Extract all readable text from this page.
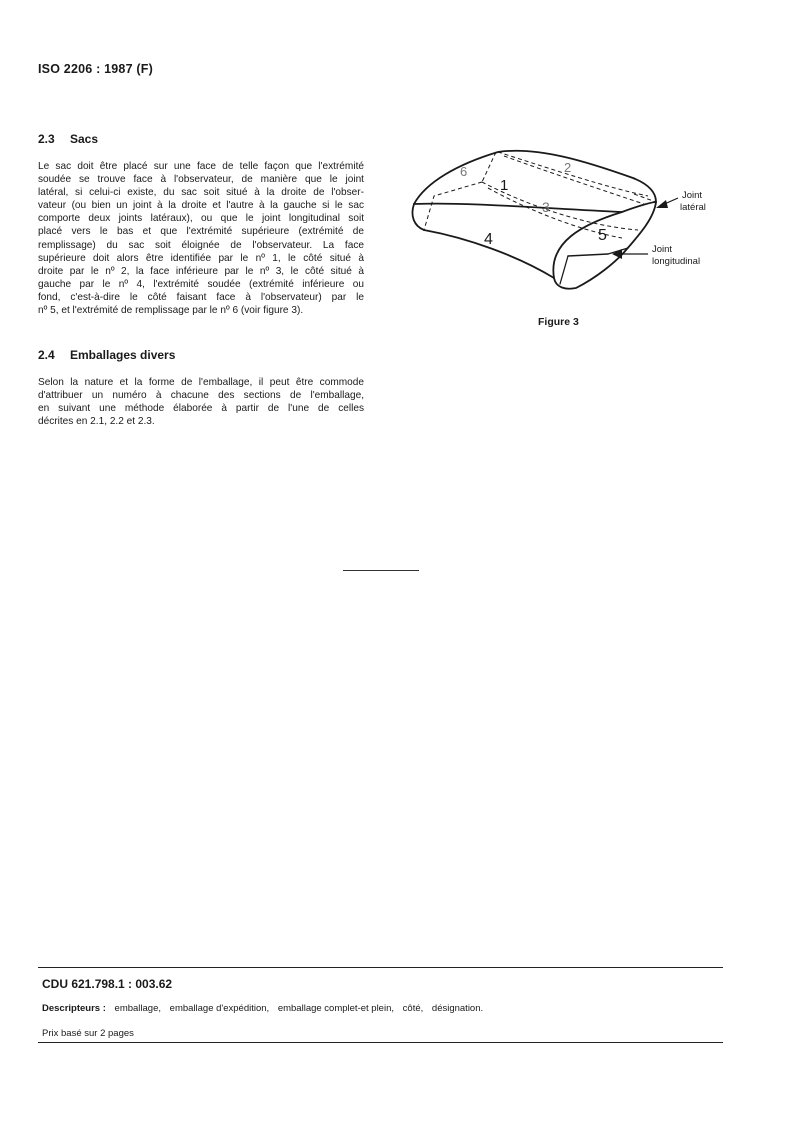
ISO 2206 : 1987 (F)
2.3 Sacs
Le sac doit être placé sur une face de telle façon que l'extrémité
soudée se trouve face à l'observateur, de manière que le joint
latéral, si celui-ci existe, du sac soit situé à la droite de l'obser-
vateur (ou bien un joint à la droite et l'autre à la gauche si le sac
comporte deux joints latéraux), ou que le joint longitudinal soit
placé vers le bas et que l'extrémité supérieure (extrémité de
remplissage) du sac soit éloignée de l'observateur. La face
supérieure doit alors être identifiée par le nº 1, le côté situé à
droite par le nº 2, la face inférieure par le nº 3, le côté situé à
gauche par le nº 4, l'extrémité soudée (extrémité inférieure ou
fond, c'est-à-dire le côté faisant face à l'observateur) par le
nº 5, et l'extrémité de remplissage par le nº 6 (voir figure 3).
2.4 Emballages divers
Selon la nature et la forme de l'emballage, il peut être commode
d'attribuer un numéro à chacune des sections de l'emballage,
en suivant une méthode élaborée à partir de l'une de celles
décrites en 2.1, 2.2 et 2.3.
6
1
2
3
4	5
Joint
latéral
Joint
longitudinal
Figure 3
CDU 621.798.1 : 003.62
Descripteurs : emballage, emballage d'expédition, emballage complet-et plein, côté, désignation.
Prix basé sur 2 pages
